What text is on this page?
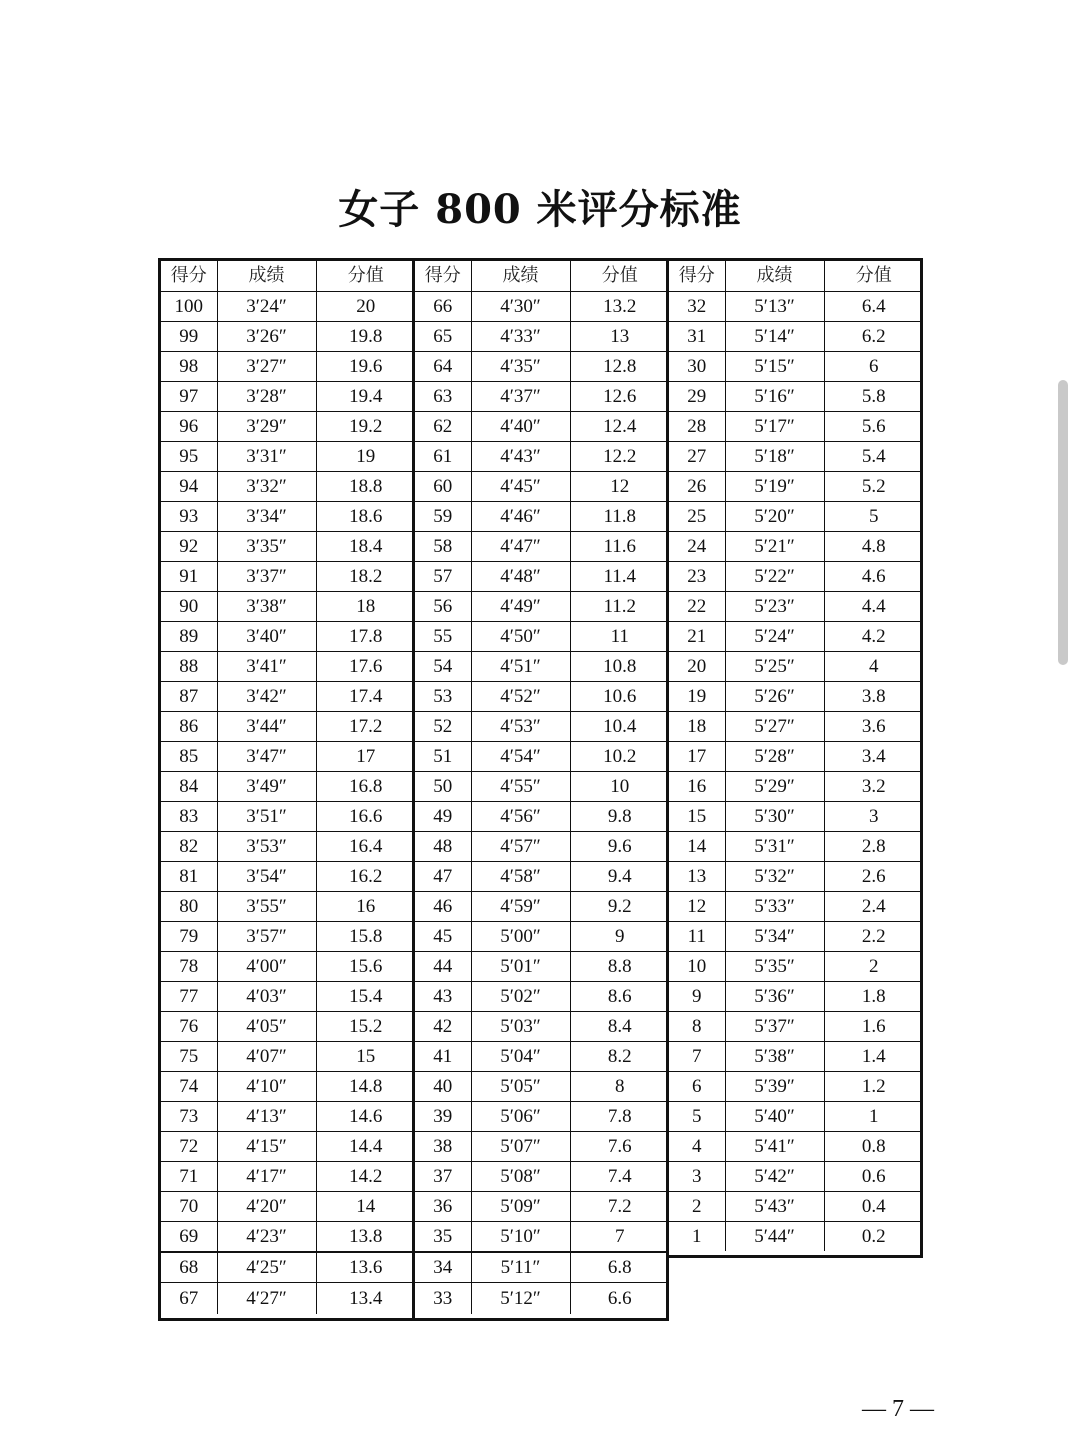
女子 800 米评分标准
得分	成绩	分值
100	3′24″	20
99	3′26″	19.8
98	3′27″	19.6
97	3′28″	19.4
96	3′29″	19.2
95	3′31″	19
94	3′32″	18.8
93	3′34″	18.6
92	3′35″	18.4
91	3′37″	18.2
90	3′38″	18
89	3′40″	17.8
88	3′41″	17.6
87	3′42″	17.4
86	3′44″	17.2
85	3′47″	17
84	3′49″	16.8
83	3′51″	16.6
82	3′53″	16.4
81	3′54″	16.2
80	3′55″	16
79	3′57″	15.8
78	4′00″	15.6
77	4′03″	15.4
76	4′05″	15.2
75	4′07″	15
74	4′10″	14.8
73	4′13″	14.6
72	4′15″	14.4
71	4′17″	14.2
70	4′20″	14
69	4′23″	13.8
68	4′25″	13.6
67	4′27″	13.4
得分	成绩	分值
66	4′30″	13.2
65	4′33″	13
64	4′35″	12.8
63	4′37″	12.6
62	4′40″	12.4
61	4′43″	12.2
60	4′45″	12
59	4′46″	11.8
58	4′47″	11.6
57	4′48″	11.4
56	4′49″	11.2
55	4′50″	11
54	4′51″	10.8
53	4′52″	10.6
52	4′53″	10.4
51	4′54″	10.2
50	4′55″	10
49	4′56″	9.8
48	4′57″	9.6
47	4′58″	9.4
46	4′59″	9.2
45	5′00″	9
44	5′01″	8.8
43	5′02″	8.6
42	5′03″	8.4
41	5′04″	8.2
40	5′05″	8
39	5′06″	7.8
38	5′07″	7.6
37	5′08″	7.4
36	5′09″	7.2
35	5′10″	7
34	5′11″	6.8
33	5′12″	6.6
得分	成绩	分值
32	5′13″	6.4
31	5′14″	6.2
30	5′15″	6
29	5′16″	5.8
28	5′17″	5.6
27	5′18″	5.4
26	5′19″	5.2
25	5′20″	5
24	5′21″	4.8
23	5′22″	4.6
22	5′23″	4.4
21	5′24″	4.2
20	5′25″	4
19	5′26″	3.8
18	5′27″	3.6
17	5′28″	3.4
16	5′29″	3.2
15	5′30″	3
14	5′31″	2.8
13	5′32″	2.6
12	5′33″	2.4
11	5′34″	2.2
10	5′35″	2
9	5′36″	1.8
8	5′37″	1.6
7	5′38″	1.4
6	5′39″	1.2
5	5′40″	1
4	5′41″	0.8
3	5′42″	0.6
2	5′43″	0.4
1	5′44″	0.2
— 7 —
